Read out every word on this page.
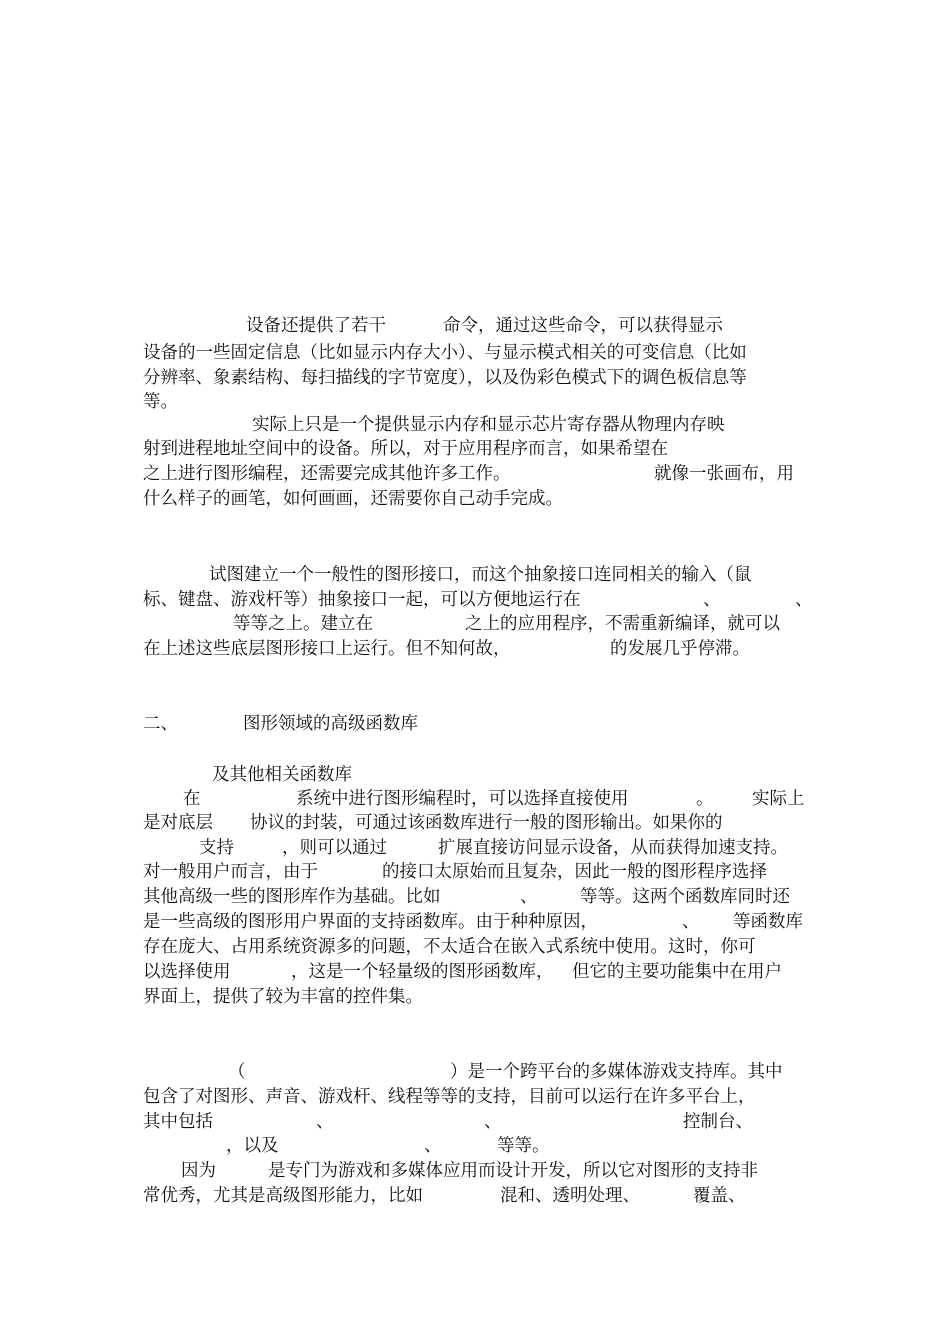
设备还提供了若干

	命令，通过这些命令，可以获得显示

设备的一些固定信息（比如显示内存大小）、与显示模式相关的可变信息（比如

分辨率、象素结构、每扫描线的字节宽度），以及伪彩色模式下的调色板信息等

等。

实际上只是一个提供显示内存和显示芯片寄存器从物理内存映

射到进程地址空间中的设备。所以，对于应用程序而言，如果希望在

之上进行图形编程，还需要完成其他许多工作。

	就像一张画布，用

什么样子的画笔，如何画画，还需要你自己动手完成。

试图建立一个一般性的图形接口，而这个抽象接口连同相关的输入（鼠

标、键盘、游戏杆等）抽象接口一起，可以方便地运行在

	、

	、

等等之上。建立在

	之上的应用程序，不需重新编译，就可以

在上述这些底层图形接口上运行。但不知何故，

	的发展几乎停滞。

二、

	图形领域的高级函数库

及其他相关函数库

在

	系统中进行图形编程时，可以选择直接使用

	。

实际上

是对底层

协议的封装，可通过该函数库进行一般的图形输出。如果你的

支持

	，则可以通过

	扩展直接访问显示设备，从而获得加速支持。

对一般用户而言，由于

	的接口太原始而且复杂，因此一般的图形程序选择

其他高级一些的图形库作为基础。比如

	、

等等。这两个函数库同时还

是一些高级的图形用户界面的支持函数库。由于种种原因，

	、

等函数库

存在庞大、占用系统资源多的问题，不太适合在嵌入式系统中使用。这时，你可

以选择使用

	，这是一个轻量级的图形函数库，

但它的主要功能集中在用户

界面上，提供了较为丰富的控件集。

（

	）是一个跨平台的多媒体游戏支持库。其中

包含了对图形、声音、游戏杆、线程等等的支持，目前可以运行在许多平台上，

其中包括

	、

	、

	控制台、

，以及

	、

	等等。

因为

	是专门为游戏和多媒体应用而设计开发，所以它对图形的支持非

常优秀，尤其是高级图形能力，比如

	混和、透明处理、

	覆盖、
